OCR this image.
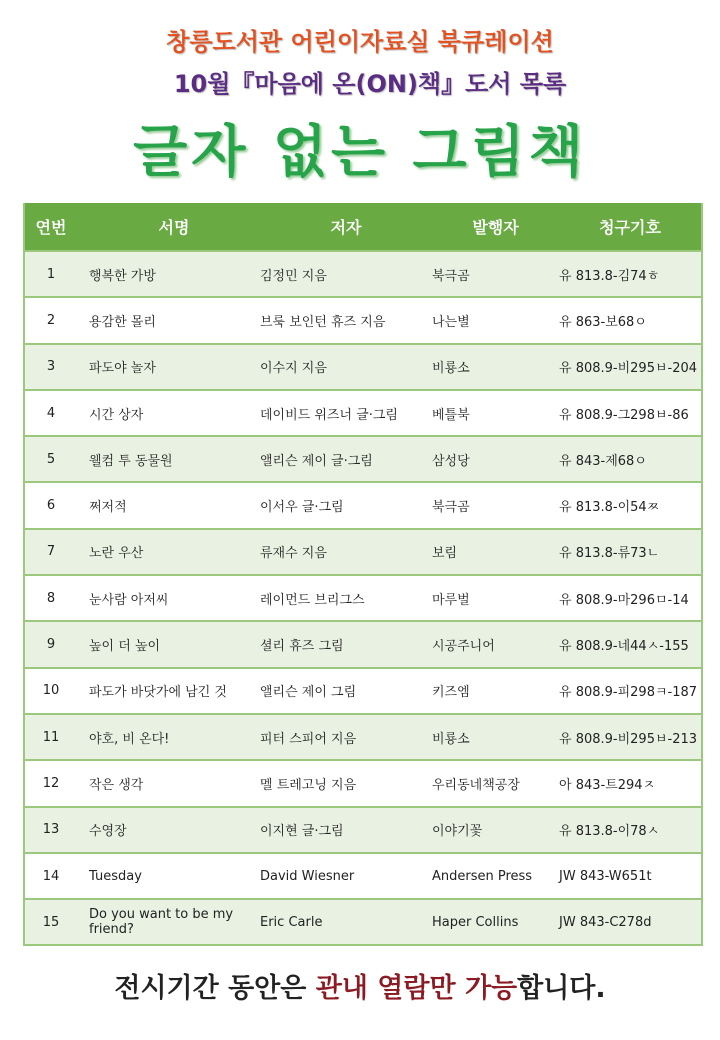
창릉도서관 어린이자료실 북큐레이션
10월『마음에 온(ON)책』도서 목록
글자 없는 그림책
연번	서명	저자	발행자	청구기호
1	행복한 가방	김정민 지음	북극곰	유 813.8-김74ㅎ
2	용감한 몰리	브룩 보인턴 휴즈 지음	나는별	유 863-보68ㅇ
3	파도야 놀자	이수지 지음	비룡소	유 808.9-비295ㅂ-204
4	시간 상자	데이비드 위즈너 글·그림	베틀북	유 808.9-그298ㅂ-86
5	웰컴 투 동물원	앨리슨 제이 글·그림	삼성당	유 843-제68ㅇ
6	쩌저적	이서우 글·그림	북극곰	유 813.8-이54ㅉ
7	노란 우산	류재수 지음	보림	유 813.8-류73ㄴ
8	눈사람 아저씨	레이먼드 브리그스	마루벌	유 808.9-마296ㅁ-14
9	높이 더 높이	셜리 휴즈 그림	시공주니어	유 808.9-네44ㅅ-155
10	파도가 바닷가에 남긴 것	앨리슨 제이 그림	키즈엠	유 808.9-피298ㅋ-187
11	야호, 비 온다!	피터 스피어 지음	비룡소	유 808.9-비295ㅂ-213
12	작은 생각	멜 트레고닝 지음	우리동네책공장	아 843-트294ㅈ
13	수영장	이지현 글·그림	이야기꽃	유 813.8-이78ㅅ
14	Tuesday	David Wiesner	Andersen Press	JW 843-W651t
15	Do you want to be my friend?	Eric Carle	Haper Collins	JW 843-C278d
전시기간 동안은 관내 열람만 가능합니다.
